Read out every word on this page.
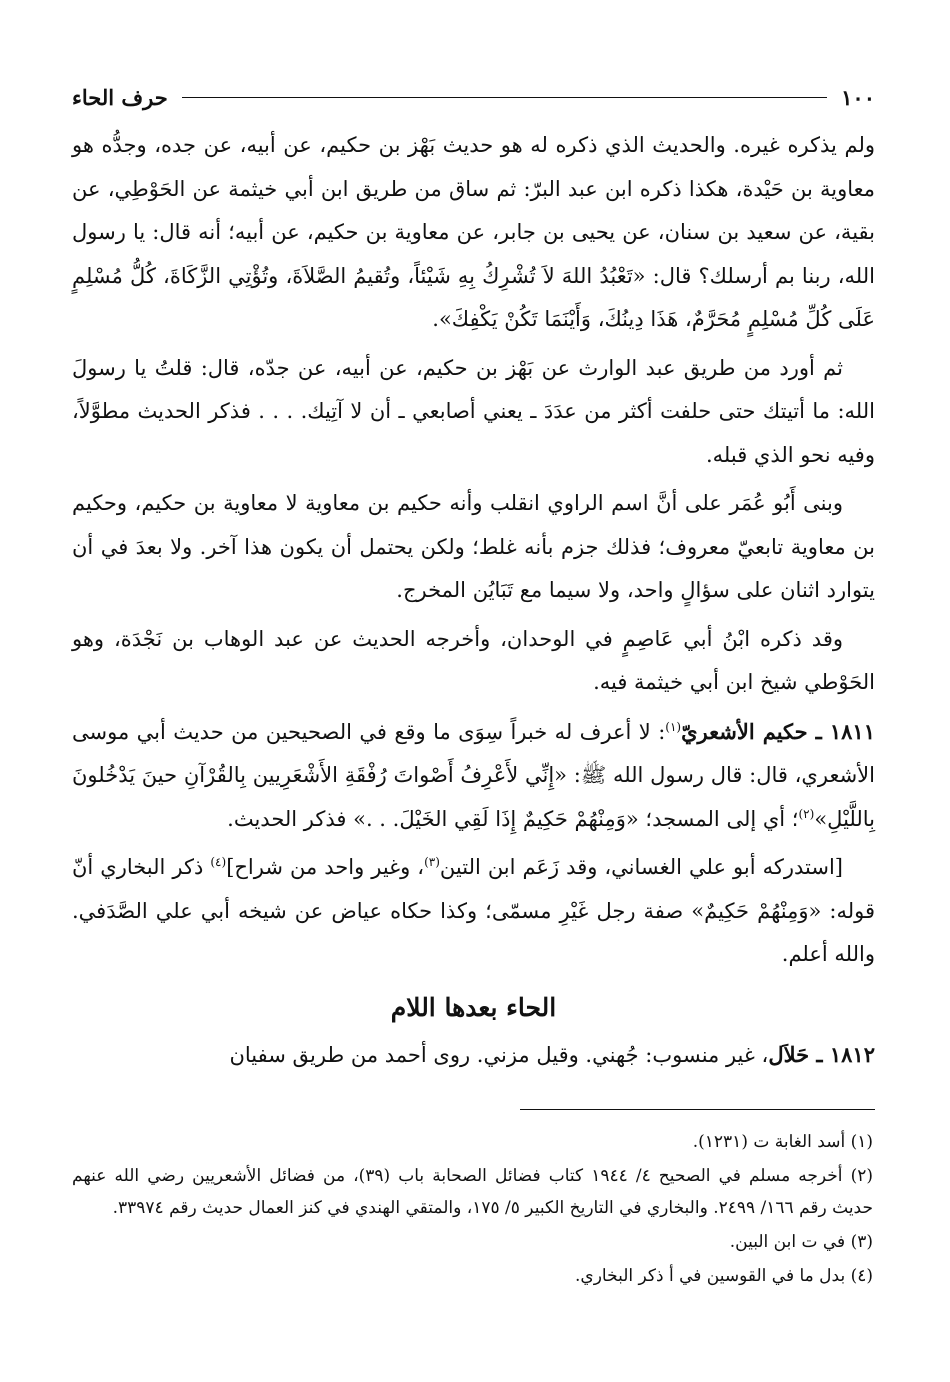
١٠٠
حرف الحاء

ولم يذكره غيره. والحديث الذي ذكره له هو حديث بَهْز بن حكيم، عن أبيه، عن جده، وجدُّه هو معاوية بن حَيْدة، هكذا ذكره ابن عبد البرّ: ثم ساق من طريق ابن أبي خيثمة عن الحَوْطِي، عن بقية، عن سعيد بن سنان، عن يحيى بن جابر، عن معاوية بن حكيم، عن أبيه؛ أنه قال: يا رسول الله، ربنا بم أرسلك؟ قال: «تَعْبُدُ اللهَ لاَ تُشْرِكُ بِهِ شَيْئاً، وتُقيمُ الصَّلاَةَ، وتُؤْتِي الزَّكَاةَ، كُلُّ مُسْلِمٍ عَلَى كُلِّ مُسْلِمٍ مُحَرَّمٌ، هَذَا دِينُكَ، وَأَيْنَمَا تَكُنْ يَكْفِكَ».

ثم أورد من طريق عبد الوارث عن بَهْز بن حكيم، عن أبيه، عن جدّه، قال: قلتُ يا رسولَ الله: ما أتيتك حتى حلفت أكثر من عدَدَ ـ يعني أصابعي ـ أن لا آتِيك. . . . فذكر الحديث مطوَّلاً، وفيه نحو الذي قبله.

وبنى أَبُو عُمَر على أنَّ اسم الراوي انقلب وأنه حكيم بن معاوية لا معاوية بن حكيم، وحكيم بن معاوية تابعيّ معروف؛ فذلك جزم بأنه غلط؛ ولكن يحتمل أن يكون هذا آخر. ولا بعدَ في أن يتوارد اثنان على سؤالٍ واحد، ولا سيما مع تَبَايُن المخرج.

وقد ذكره ابْنُ أبي عَاصِمٍ في الوحدان، وأخرجه الحديث عن عبد الوهاب بن نَجْدَة، وهو الحَوْطي شيخ ابن أبي خيثمة فيه.

١٨١١ ـ حكيم الأشعريّ$^{(١)}$: لا أعرف له خبراً سِوَى ما وقع في الصحيحين من حديث أبي موسى الأشعري، قال: قال رسول الله ﷺ: «إِنِّي لأَعْرِفُ أَصْواتَ رُفْقَةِ الأَشْعَرِيين بِالقُرْآنِ حينَ يَدْخُلونَ بِاللَّيْلِ»$^{(٢)}$؛ أي إلى المسجد؛ «وَمِنْهُمْ حَكِيمٌ إِذَا لَقِي الخَيْلَ. . .» فذكر الحديث.

[استدركه أبو علي الغساني، وقد زَعَم ابن التين$^{(٣)}$، وغير واحد من شراح]$^{(٤)}$ ذكر البخاري أنّ قوله: «وَمِنْهُمْ حَكِيمٌ» صفة رجل غَيْرِ مسمّى؛ وكذا حكاه عياض عن شيخه أبي علي الصَّدَفي. والله أعلم.

الحاء بعدها اللام

١٨١٢ ـ حَلاَل، غير منسوب: جُهني. وقيل مزني. روى أحمد من طريق سفيان

(١) أسد الغابة ت (١٢٣١).

(٢) أخرجه مسلم في الصحيح ٤/ ١٩٤٤ كتاب فضائل الصحابة باب (٣٩)، من فضائل الأشعريين رضي الله عنهم حديث رقم ١٦٦/ ٢٤٩٩. والبخاري في التاريخ الكبير ٥/ ١٧٥، والمتقي الهندي في كنز العمال حديث رقم ٣٣٩٧٤.

(٣) في ت ابن البين.

(٤) بدل ما في القوسين في أ ذكر البخاري.
